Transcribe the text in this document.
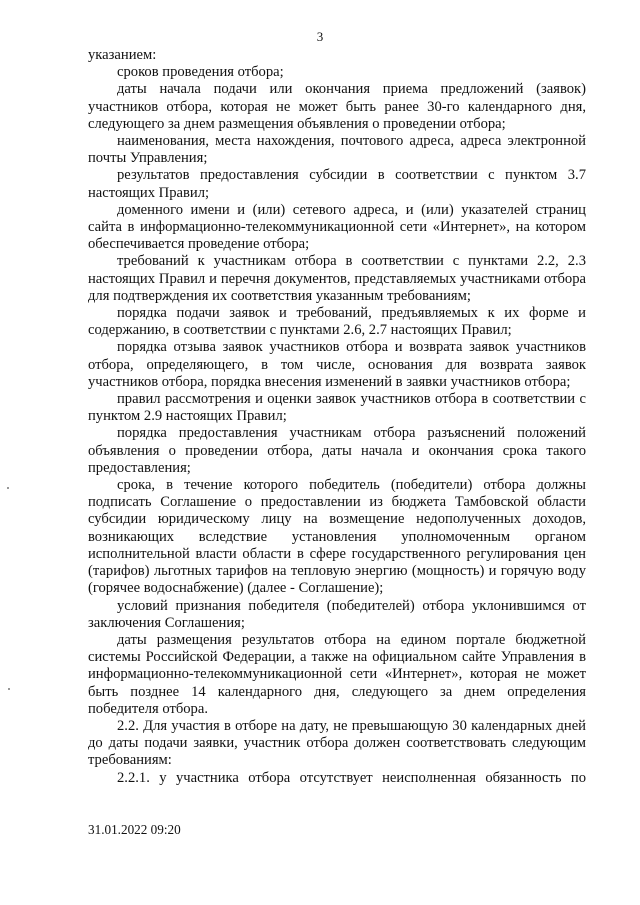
3

указанием:

сроков проведения отбора;

даты начала подачи или окончания приема предложений (заявок) участников отбора, которая не может быть ранее 30-го календарного дня, следующего за днем размещения объявления о проведении отбора;

наименования, места нахождения, почтового адреса, адреса электронной почты Управления;

результатов предоставления субсидии в соответствии с пунктом 3.7 настоящих Правил;

доменного имени и (или) сетевого адреса, и (или) указателей страниц сайта в информационно-телекоммуникационной сети «Интернет», на котором обеспечивается проведение отбора;

требований к участникам отбора в соответствии с пунктами 2.2, 2.3 настоящих Правил и перечня документов, представляемых участниками отбора для подтверждения их соответствия указанным требованиям;

порядка подачи заявок и требований, предъявляемых к их форме и содержанию, в соответствии с пунктами 2.6, 2.7 настоящих Правил;

порядка отзыва заявок участников отбора и возврата заявок участников отбора, определяющего, в том числе, основания для возврата заявок участников отбора, порядка внесения изменений в заявки участников отбора;

правил рассмотрения и оценки заявок участников отбора в соответствии с пунктом 2.9 настоящих Правил;

порядка предоставления участникам отбора разъяснений положений объявления о проведении отбора, даты начала и окончания срока такого предоставления;

срока, в течение которого победитель (победители) отбора должны подписать Соглашение о предоставлении из бюджета Тамбовской области субсидии юридическому лицу на возмещение недополученных доходов, возникающих вследствие установления уполномоченным органом исполнительной власти области в сфере государственного регулирования цен (тарифов) льготных тарифов на тепловую энергию (мощность) и горячую воду (горячее водоснабжение) (далее - Соглашение);

условий признания победителя (победителей) отбора уклонившимся от заключения Соглашения;

даты размещения результатов отбора на едином портале бюджетной системы Российской Федерации, а также на официальном сайте Управления в информационно-телекоммуникационной сети «Интернет», которая не может быть позднее 14 календарного дня, следующего за днем определения победителя отбора.

2.2. Для участия в отборе на дату, не превышающую 30 календарных дней до даты подачи заявки, участник отбора должен соответствовать следующим требованиям:

2.2.1. у участника отбора отсутствует неисполненная обязанность по

31.01.2022 09:20
